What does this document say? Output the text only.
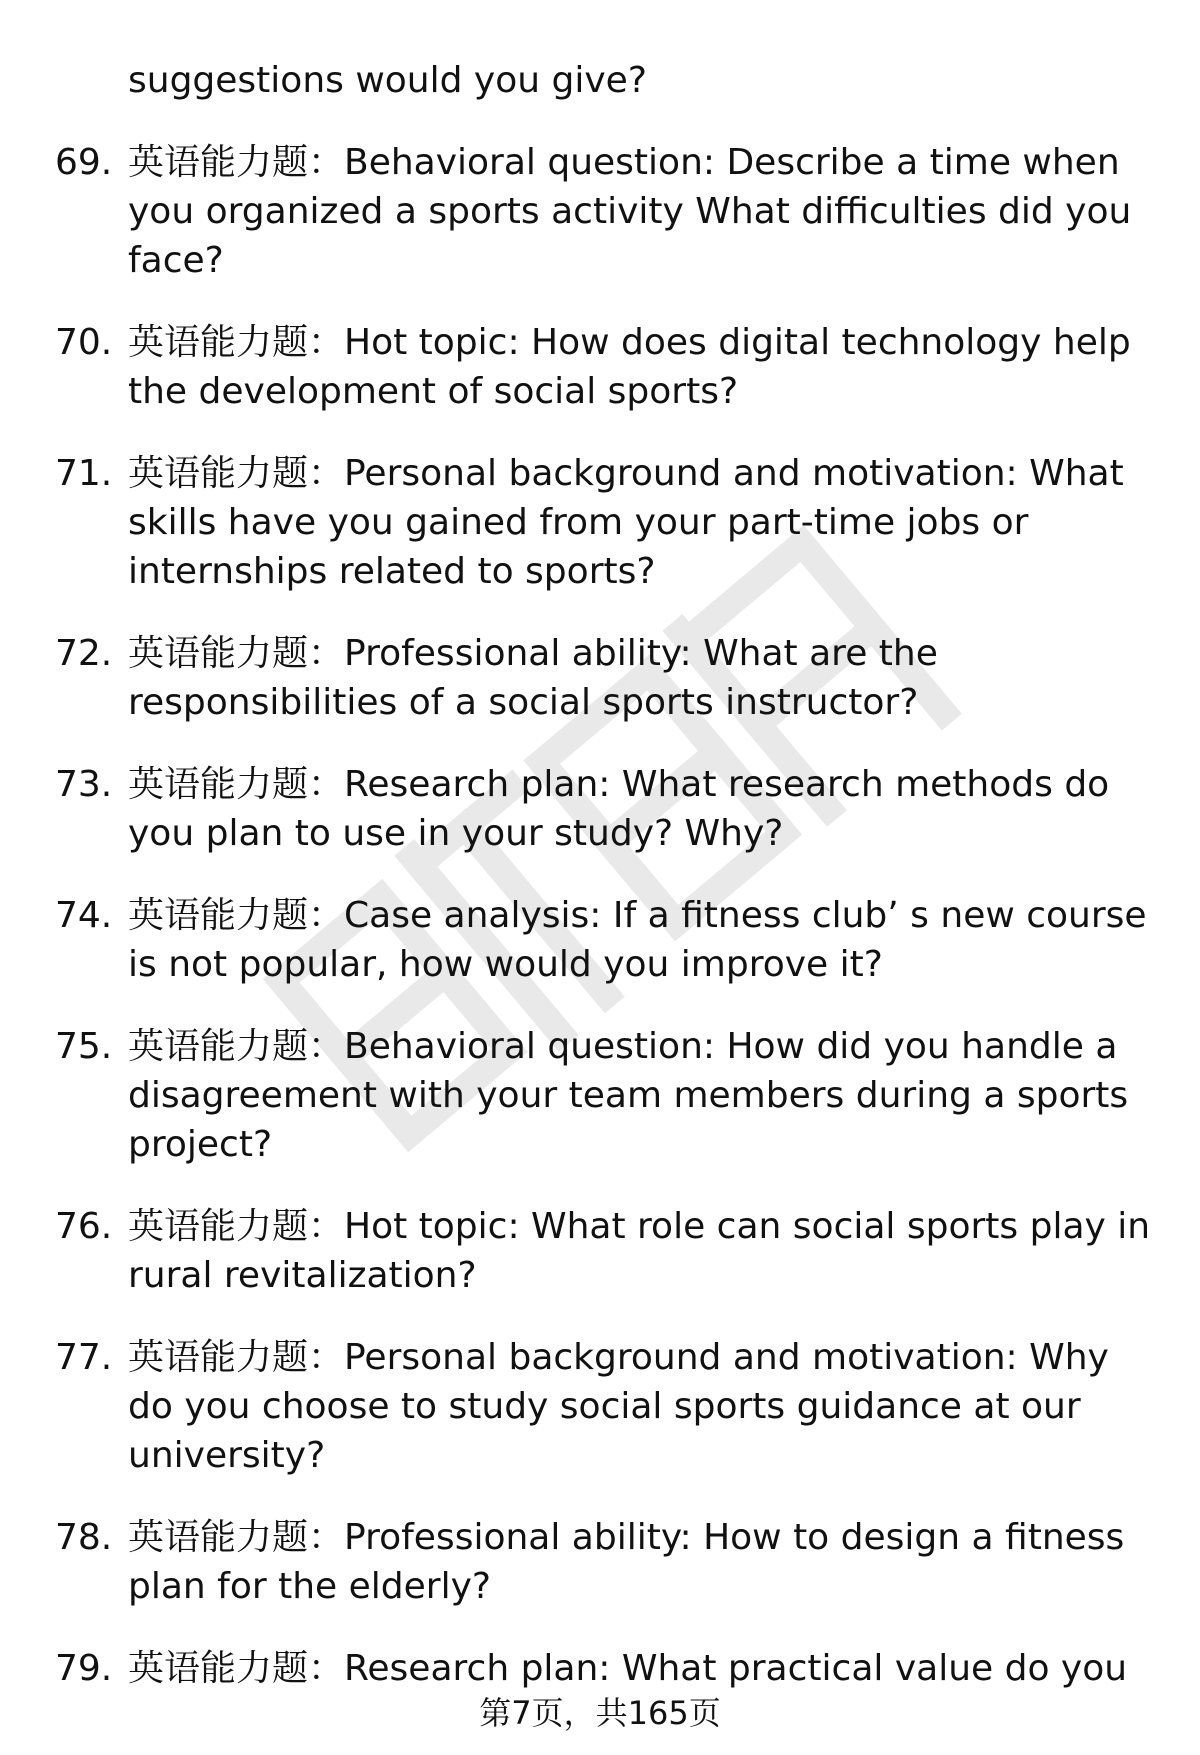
suggestions would you give?
69. 英语能力题：Behavioral question: Describe a time when you organized a sports activity What difficulties did you face?
70. 英语能力题：Hot topic: How does digital technology help the development of social sports?
71. 英语能力题：Personal background and motivation: What skills have you gained from your part-time jobs or internships related to sports?
72. 英语能力题：Professional ability: What are the responsibilities of a social sports instructor?
73. 英语能力题：Research plan: What research methods do you plan to use in your study? Why?
74. 英语能力题：Case analysis: If a fitness club’ s new course is not popular, how would you improve it?
75. 英语能力题：Behavioral question: How did you handle a disagreement with your team members during a sports project?
76. 英语能力题：Hot topic: What role can social sports play in rural revitalization?
77. 英语能力题：Personal background and motivation: Why do you choose to study social sports guidance at our university?
78. 英语能力题：Professional ability: How to design a fitness plan for the elderly?
79. 英语能力题：Research plan: What practical value do you
第7页，共165页
